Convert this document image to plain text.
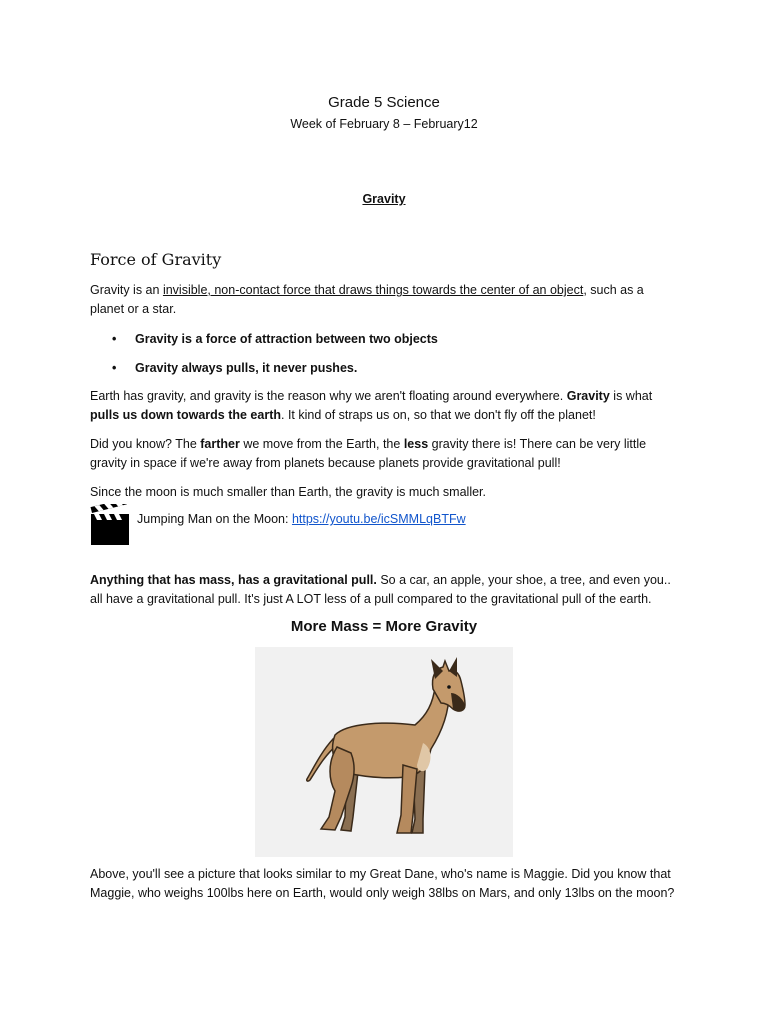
Grade 5 Science
Week of February 8 – February12
Gravity
Force of Gravity
Gravity is an invisible, non-contact force that draws things towards the center of an object, such as a planet or a star.
• Gravity is a force of attraction between two objects
• Gravity always pulls, it never pushes.
Earth has gravity, and gravity is the reason why we aren't floating around everywhere. Gravity is what pulls us down towards the earth. It kind of straps us on, so that we don't fly off the planet!
Did you know? The farther we move from the Earth, the less gravity there is! There can be very little gravity in space if we're away from planets because planets provide gravitational pull!
Since the moon is much smaller than Earth, the gravity is much smaller.
Jumping Man on the Moon: https://youtu.be/icSMMLqBTFw
Anything that has mass, has a gravitational pull. So a car, an apple, your shoe, a tree, and even you.. all have a gravitational pull. It's just A LOT less of a pull compared to the gravitational pull of the earth.
More Mass = More Gravity
Above, you'll see a picture that looks similar to my Great Dane, who's name is Maggie. Did you know that Maggie, who weighs 100lbs here on Earth, would only weigh 38lbs on Mars, and only 13lbs on the moon?
